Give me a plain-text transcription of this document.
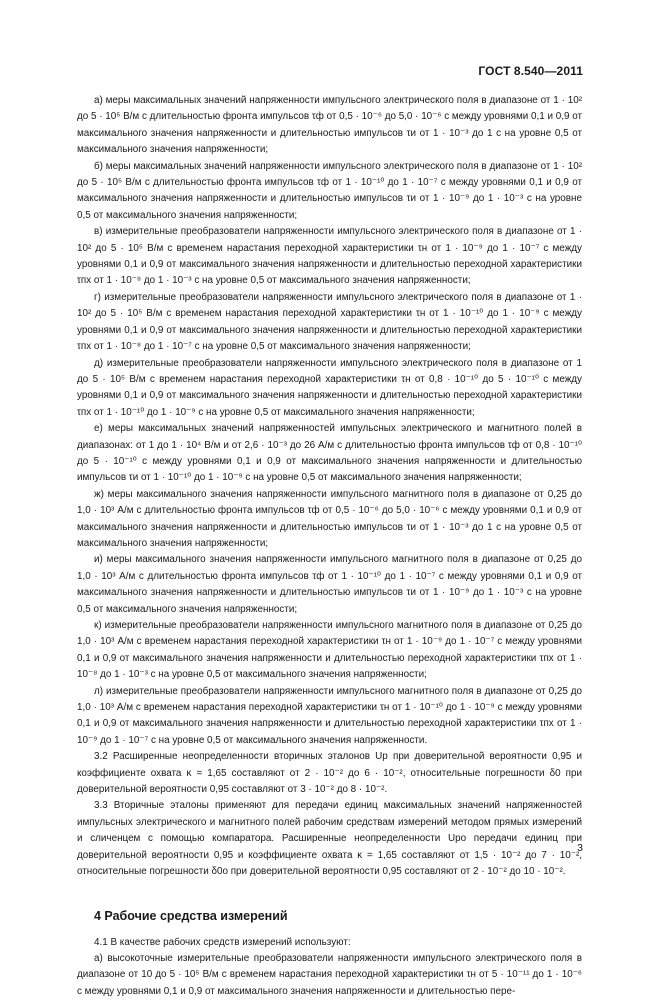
ГОСТ 8.540—2011

а) меры максимальных значений напряженности импульсного электрического поля в диапазоне от 1 · 10² до 5 · 10⁵ В/м с длительностью фронта импульсов τф от 0,5 · 10⁻⁶ до 5,0 · 10⁻⁶ с между уровнями 0,1 и 0,9 от максимального значения напряженности и длительностью импульсов τи от 1 · 10⁻³ до 1 с на уровне 0,5 от максимального значения напряженности;

б) меры максимальных значений напряженности импульсного электрического поля в диапазоне от 1 · 10² до 5 · 10⁵ В/м с длительностью фронта импульсов τф от 1 · 10⁻¹⁰ до 1 · 10⁻⁷ с между уровнями 0,1 и 0,9 от максимального значения напряженности и длительностью импульсов τи от 1 · 10⁻⁹ до 1 · 10⁻³ с на уровне 0,5 от максимального значения напряженности;

в) измерительные преобразователи напряженности импульсного электрического поля в диапазоне от 1 · 10² до 5 · 10⁵ В/м с временем нарастания переходной характеристики τн от 1 · 10⁻⁹ до 1 · 10⁻⁷ с между уровнями 0,1 и 0,9 от максимального значения напряженности и длительностью переходной характеристики τпх от 1 · 10⁻⁸ до 1 · 10⁻³ с на уровне 0,5 от максимального значения напряженности;

г) измерительные преобразователи напряженности импульсного электрического поля в диапазоне от 1 · 10² до 5 · 10⁵ В/м с временем нарастания переходной характеристики τн от 1 · 10⁻¹⁰ до 1 · 10⁻⁹ с между уровнями 0,1 и 0,9 от максимального значения напряженности и длительностью переходной характеристики τпх от 1 · 10⁻⁸ до 1 · 10⁻⁷ с на уровне 0,5 от максимального значения напряженности;

д) измерительные преобразователи напряженности импульсного электрического поля в диапазоне от 1 до 5 · 10⁵ В/м с временем нарастания переходной характеристики τн от 0,8 · 10⁻¹⁰ до 5 · 10⁻¹⁰ с между уровнями 0,1 и 0,9 от максимального значения напряженности и длительностью переходной характеристики τпх от 1 · 10⁻¹⁰ до 1 · 10⁻⁹ с на уровне 0,5 от максимального значения напряженности;

е) меры максимальных значений напряженностей импульсных электрического и магнитного полей в диапазонах: от 1 до 1 · 10⁴ В/м и от 2,6 · 10⁻³ до 26 А/м с длительностью фронта импульсов τф от 0,8 · 10⁻¹⁰ до 5 · 10⁻¹⁰ с между уровнями 0,1 и 0,9 от максимального значения напряженности и длительностью импульсов τи от 1 · 10⁻¹⁰ до 1 · 10⁻⁹ с на уровне 0,5 от максимального значения напряженности;

ж) меры максимального значения напряженности импульсного магнитного поля в диапазоне от 0,25 до 1,0 · 10³ А/м с длительностью фронта импульсов τф от 0,5 · 10⁻⁶ до 5,0 · 10⁻⁶ с между уровнями 0,1 и 0,9 от максимального значения напряженности и длительностью импульсов τи от 1 · 10⁻³ до 1 с на уровне 0,5 от максимального значения напряженности;

и) меры максимального значения напряженности импульсного магнитного поля в диапазоне от 0,25 до 1,0 · 10³ А/м с длительностью фронта импульсов τф от 1 · 10⁻¹⁰ до 1 · 10⁻⁷ с между уровнями 0,1 и 0,9 от максимального значения напряженности и длительностью импульсов τи от 1 · 10⁻⁹ до 1 · 10⁻³ с на уровне 0,5 от максимального значения напряженности;

к) измерительные преобразователи напряженности импульсного магнитного поля в диапазоне от 0,25 до 1,0 · 10³ А/м с временем нарастания переходной характеристики τн от 1 · 10⁻⁹ до 1 · 10⁻⁷ с между уровнями 0,1 и 0,9 от максимального значения напряженности и длительностью переходной характеристики τпх от 1 · 10⁻⁸ до 1 · 10⁻³ с на уровне 0,5 от максимального значения напряженности;

л) измерительные преобразователи напряженности импульсного магнитного поля в диапазоне от 0,25 до 1,0 · 10³ А/м с временем нарастания переходной характеристики τн от 1 · 10⁻¹⁰ до 1 · 10⁻⁹ с между уровнями 0,1 и 0,9 от максимального значения напряженности и длительностью переходной характеристики τпх от 1 · 10⁻⁹ до 1 · 10⁻⁷ с на уровне 0,5 от максимального значения напряженности.

3.2 Расширенные неопределенности вторичных эталонов Up при доверительной вероятности 0,95 и коэффициенте охвата κ = 1,65 составляют от 2 · 10⁻² до 6 · 10⁻², относительные погрешности δ0 при доверительной вероятности 0,95 составляют от 3 · 10⁻² до 8 · 10⁻².

3.3 Вторичные эталоны применяют для передачи единиц максимальных значений напряженностей импульсных электрического и магнитного полей рабочим средствам измерений методом прямых измерений и сличенцем с помощью компаратора. Расширенные неопределенности Upо передачи единиц при доверительной вероятности 0,95 и коэффициенте охвата κ = 1,65 составляют от 1,5 · 10⁻² до 7 · 10⁻², относительные погрешности δ0о при доверительной вероятности 0,95 составляют от 2 · 10⁻² до 10 · 10⁻².

4 Рабочие средства измерений

4.1 В качестве рабочих средств измерений используют:

а) высокоточные измерительные преобразователи напряженности импульсного электрического поля в диапазоне от 10 до 5 · 10⁵ В/м с временем нарастания переходной характеристики τн от 5 · 10⁻¹¹ до 1 · 10⁻⁶ с между уровнями 0,1 и 0,9 от максимального значения напряженности и длительностью пере-

3
